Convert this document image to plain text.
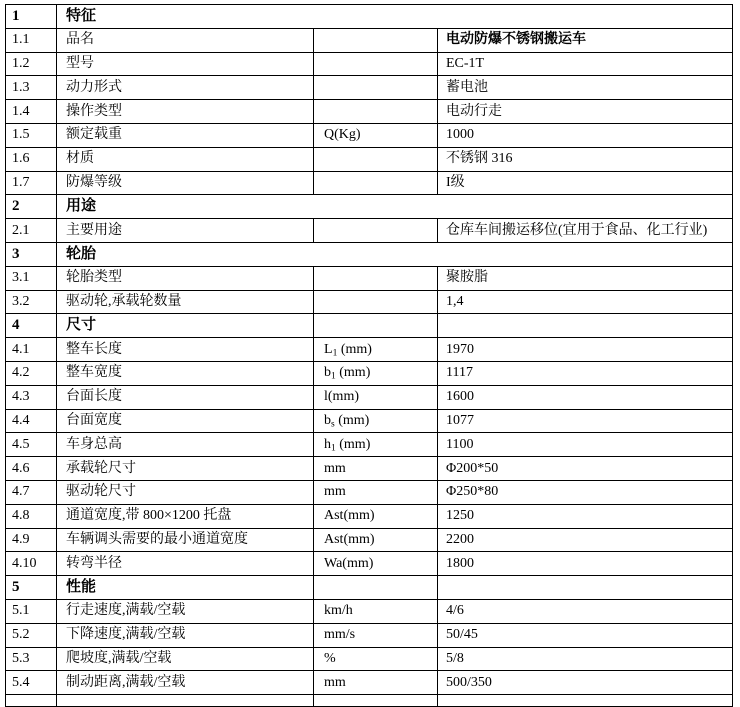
1	特征		
1.1	品名		电动防爆不锈钢搬运车
1.2	型号		EC-1T
1.3	动力形式		蓄电池
1.4	操作类型		电动行走
1.5	额定载重	Q(Kg)	1000
1.6	材质		不锈钢 316
1.7	防爆等级		I级
2	用途		
2.1	主要用途		仓库车间搬运移位(宜用于食品、化工行业)
3	轮胎		
3.1	轮胎类型		聚胺脂
3.2	驱动轮,承载轮数量		1,4
4	尺寸		
4.1	整车长度	$L_1$ (mm)	1970
4.2	整车宽度	$b_1$ (mm)	1117
4.3	台面长度	l(mm)	1600
4.4	台面宽度	$b_s$ (mm)	1077
4.5	车身总高	$h_1$ (mm)	1100
4.6	承载轮尺寸	mm	Φ200*50
4.7	驱动轮尺寸	mm	Φ250*80
4.8	通道宽度,带 800×1200 托盘	Ast(mm)	1250
4.9	车辆调头需要的最小通道宽度	Ast(mm)	2200
4.10	转弯半径	Wa(mm)	1800
5	性能		
5.1	行走速度,满载/空载	km/h	4/6
5.2	下降速度,满载/空载	mm/s	50/45
5.3	爬坡度,满载/空载	%	5/8
5.4	制动距离,满载/空载	mm	500/350
